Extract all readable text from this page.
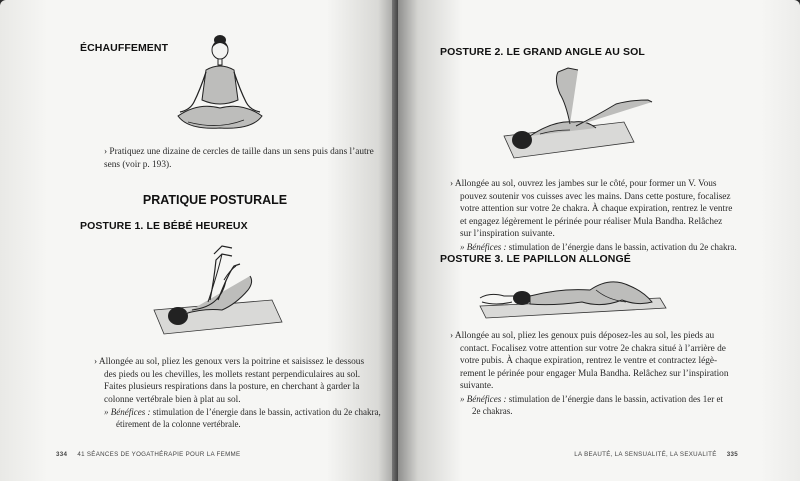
ÉCHAUFFEMENT
› Pratiquez une dizaine de cercles de taille dans un sens puis dans l’autre
sens (voir p. 193).
PRATIQUE POSTURALE
POSTURE 1. LE BÉBÉ HEUREUX
› Allongée au sol, pliez les genoux vers la poitrine et saisissez le dessous
des pieds ou les chevilles, les mollets restant perpendiculaires au sol.
Faites plusieurs respirations dans la posture, en cherchant à garder la
colonne vertébrale bien à plat au sol.
» Bénéfices : stimulation de l’énergie dans le bassin, activation du 2e chakra,
étirement de la colonne vertébrale.
334 41 SÉANCES DE YOGATHÉRAPIE POUR LA FEMME
POSTURE 2. LE GRAND ANGLE AU SOL
› Allongée au sol, ouvrez les jambes sur le côté, pour former un V. Vous
pouvez soutenir vos cuisses avec les mains. Dans cette posture, focalisez
votre attention sur votre 2e chakra. À chaque expiration, rentrez le ventre
et engagez légèrement le périnée pour réaliser Mula Bandha. Relâchez
sur l’inspiration suivante.
» Bénéfices : stimulation de l’énergie dans le bassin, activation du 2e chakra.
POSTURE 3. LE PAPILLON ALLONGÉ
› Allongée au sol, pliez les genoux puis déposez-les au sol, les pieds au
contact. Focalisez votre attention sur votre 2e chakra situé à l’arrière de
votre pubis. À chaque expiration, rentrez le ventre et contractez légè-
rement le périnée pour engager Mula Bandha. Relâchez sur l’inspiration
suivante.
» Bénéfices : stimulation de l’énergie dans le bassin, activation des 1er et
2e chakras.
LA BEAUTÉ, LA SENSUALITÉ, LA SEXUALITÉ 335
